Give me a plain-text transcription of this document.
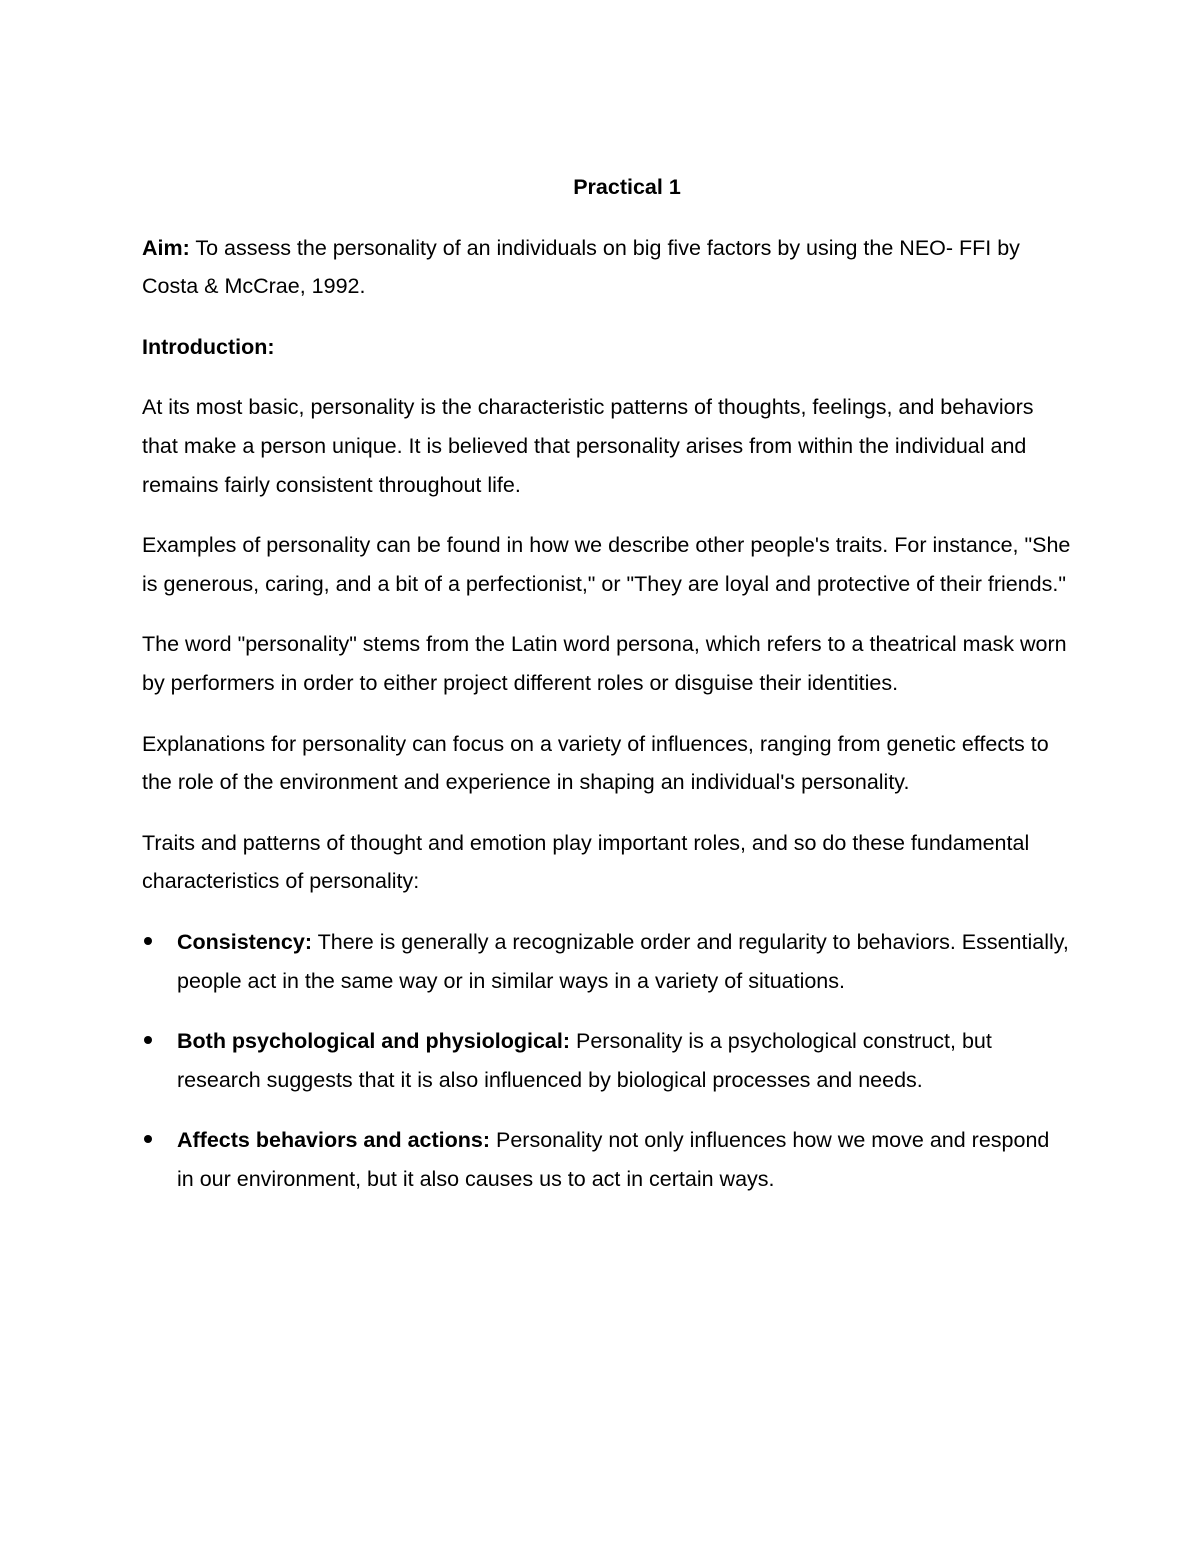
Practical 1

Aim: To assess the personality of an individuals on big five factors by using the NEO- FFI by Costa & McCrae, 1992.

Introduction:

At its most basic, personality is the characteristic patterns of thoughts, feelings, and behaviors that make a person unique. It is believed that personality arises from within the individual and remains fairly consistent throughout life.

Examples of personality can be found in how we describe other people's traits. For instance, "She is generous, caring, and a bit of a perfectionist," or "They are loyal and protective of their friends."

The word "personality" stems from the Latin word persona, which refers to a theatrical mask worn by performers in order to either project different roles or disguise their identities.

Explanations for personality can focus on a variety of influences, ranging from genetic effects to the role of the environment and experience in shaping an individual's personality.

Traits and patterns of thought and emotion play important roles, and so do these fundamental characteristics of personality:

Consistency: There is generally a recognizable order and regularity to behaviors. Essentially, people act in the same way or in similar ways in a variety of situations.
Both psychological and physiological: Personality is a psychological construct, but research suggests that it is also influenced by biological processes and needs.
Affects behaviors and actions: Personality not only influences how we move and respond in our environment, but it also causes us to act in certain ways.
